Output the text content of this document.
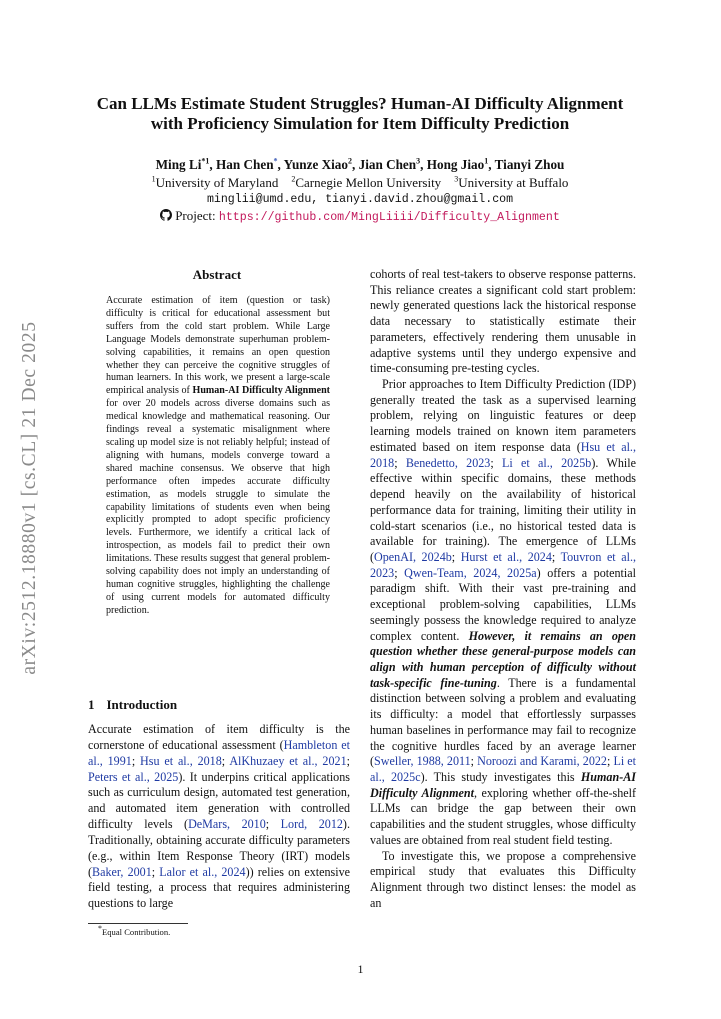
arXiv:2512.18880v1 [cs.CL] 21 Dec 2025
Can LLMs Estimate Student Struggles? Human-AI Difficulty Alignment
with Proficiency Simulation for Item Difficulty Prediction
Ming Li$^{*1}$, Han Chen*, Yunze Xiao$^2$, Jian Chen$^3$, Hong Jiao$^1$, Tianyi Zhou
$^1$University of Maryland  $^2$Carnegie Mellon University  $^3$University at Buffalo
minglii@umd.edu, tianyi.david.zhou@gmail.com
Project: https://github.com/MingLiiii/Difficulty_Alignment
Abstract
Accurate estimation of item (question or task) difficulty is critical for educational assessment but suffers from the cold start problem. While Large Language Models demonstrate superhuman problem-solving capabilities, it remains an open question whether they can perceive the cognitive struggles of human learners. In this work, we present a large-scale empirical analysis of Human-AI Difficulty Alignment for over 20 models across diverse domains such as medical knowledge and mathematical reasoning. Our findings reveal a systematic misalignment where scaling up model size is not reliably helpful; instead of aligning with humans, models converge toward a shared machine consensus. We observe that high performance often impedes accurate difficulty estimation, as models struggle to simulate the capability limitations of students even when being explicitly prompted to adopt specific proficiency levels. Furthermore, we identify a critical lack of introspection, as models fail to predict their own limitations. These results suggest that general problem-solving capability does not imply an understanding of human cognitive struggles, highlighting the challenge of using current models for automated difficulty prediction.
1 Introduction

Accurate estimation of item difficulty is the cornerstone of educational assessment (Hambleton et al., 1991; Hsu et al., 2018; AlKhuzaey et al., 2021; Peters et al., 2025). It underpins critical applications such as curriculum design, automated test generation, and automated item generation with controlled difficulty levels (DeMars, 2010; Lord, 2012). Traditionally, obtaining accurate difficulty parameters (e.g., within Item Response Theory (IRT) models (Baker, 2001; Lalor et al., 2024)) relies on extensive field testing, a process that requires administering questions to large

cohorts of real test-takers to observe response patterns. This reliance creates a significant cold start problem: newly generated questions lack the historical response data necessary to statistically estimate their parameters, effectively rendering them unusable in adaptive systems until they undergo expensive and time-consuming pre-testing cycles.

Prior approaches to Item Difficulty Prediction (IDP) generally treated the task as a supervised learning problem, relying on linguistic features or deep learning models trained on known item parameters estimated based on item response data (Hsu et al., 2018; Benedetto, 2023; Li et al., 2025b). While effective within specific domains, these methods depend heavily on the availability of historical performance data for training, limiting their utility in cold-start scenarios (i.e., no historical tested data is available for training). The emergence of LLMs (OpenAI, 2024b; Hurst et al., 2024; Touvron et al., 2023; Qwen-Team, 2024, 2025a) offers a potential paradigm shift. With their vast pre-training and exceptional problem-solving capabilities, LLMs seemingly possess the knowledge required to analyze complex content. However, it remains an open question whether these general-purpose models can align with human perception of difficulty without task-specific fine-tuning. There is a fundamental distinction between solving a problem and evaluating its difficulty: a model that effortlessly surpasses human baselines in performance may fail to recognize the cognitive hurdles faced by an average learner (Sweller, 1988, 2011; Noroozi and Karami, 2022; Li et al., 2025c). This study investigates this Human-AI Difficulty Alignment, exploring whether off-the-shelf LLMs can bridge the gap between their own capabilities and the student struggles, whose difficulty values are obtained from real student field testing.

To investigate this, we propose a comprehensive empirical study that evaluates this Difficulty Alignment through two distinct lenses: the model as an

*Equal Contribution.
1
